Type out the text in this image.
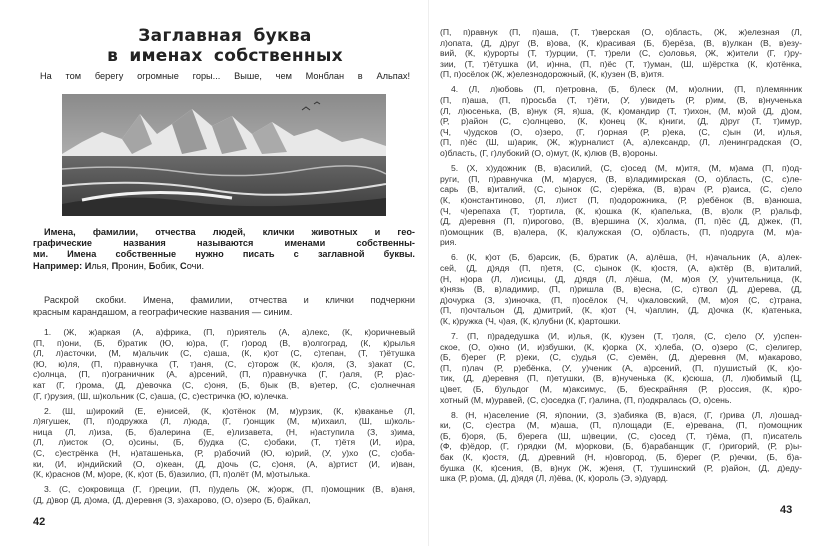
Заглавная буква
в именах собственных
На том берегу огромные горы... Выше, чем Монблан в Альпах!
Имена, фамилии, отчества людей, клички животных и гео-
графические названия называются именами собственны-
ми. Имена собственные нужно писать с заглавной буквы.
Например: Илья, Пронин, Бобик, Сочи.
Раскрой скобки. Имена, фамилии, отчества и клички подчеркни
красным карандашом, а географические названия — синим.
1. (Ж, ж)аркая (А, а)фрика, (П, п)риятель (А, а)лекс, (К, к)оричневый
(П, п)они, (Б, б)ратик (Ю, ю)ра, (Г, г)ород (В, в)олгоград, (К, к)рылья
(Л, л)асточки, (М, м)альчик (С, с)аша, (К, к)от (С, с)тепан, (Т, т)ётушка
(Ю, ю)ля, (П, п)равнучка (Т, т)аня, (С, с)торож (К, к)оля, (З, з)акат (С,
с)олнца, (П, п)ограничник (А, а)рсений, (П, п)равнучка (Г, г)аля, (Р, р)ас-
кат (Г, г)рома, (Д, д)евочка (С, с)оня, (Б, б)ык (В, в)етер, (С, с)олнечная
(Г, г)рузия, (Ш, ш)кольник (С, с)аша, (С, с)естричка (Ю, ю)лечка.
2. (Ш, ш)ирокий (Е, е)нисей, (К, к)отёнок (М, м)урзик, (К, к)ваканье (Л,
л)ягушек, (П, п)одружка (Л, л)юда, (Г, г)онщик (М, м)ихаил, (Ш, ш)коль-
ница (Л, л)иза, (Б, б)алерина (Е, е)лизавета, (Н, н)аступила (З, з)има,
(Л, л)исток (О, о)сины, (Б, б)удка (С, с)обаки, (Т, т)ётя (И, и)ра,
(С, с)естрёнка (Н, н)аташенька, (Р, р)абочий (Ю, ю)рий, (У, у)хо (С, с)оба-
ки, (И, и)ндийский (О, о)кеан, (Д, д)очь (С, с)оня, (А, а)ртист (И, и)ван,
(К, к)раснов (М, м)оре, (К, к)от (Б, б)азилио, (П, п)олёт (М, м)отылька.
3. (С, с)окровища (Г, г)реции, (П, п)удель (Ж, ж)орж, (П, п)омощник (В, в)аня,
(Д, д)вор (Д, д)ома, (Д, д)еревня (З, з)ахарово, (О, о)зеро (Б, б)айкал,
42
(П, п)равнук (П, п)аша, (Т, т)верская (О, о)бласть, (Ж, ж)елезная (Л,
л)опата, (Д, д)руг (В, в)ова, (К, к)расивая (Б, б)ерёза, (В, в)улкан (В, в)езу-
вий, (К, к)урорты (Т, т)урции, (Т, т)рели (С, с)оловья, (Ж, ж)ители (Г, г)ру-
зии, (Т, т)ётушка (И, и)нна, (П, п)ёс (Т, т)уман, (Ш, ш)ёрстка (К, к)отёнка,
(П, п)осёлок (Ж, ж)елезнодорожный, (К, к)узен (В, в)итя.
4. (Л, л)юбовь (П, п)етровна, (Б, б)леск (М, м)олнии, (П, п)лемянник
(П, п)аша, (П, п)росьба (Т, т)ёти, (У, у)видеть (Р, р)им, (В, в)нученька
(Л, л)юсенька, (В, в)нук (Я, я)ша, (К, к)омандир (Т, т)ихон, (М, м)ой (Д, д)ом,
(Р, р)айон (С, с)олнцево, (К, к)онец (К, к)ниги, (Д, д)руг (Т, т)имур,
(Ч, ч)удсков (О, о)зеро, (Г, г)орная (Р, р)ека, (С, с)ын (И, и)лья,
(П, п)ёс (Ш, ш)арик, (Ж, ж)урналист (А, а)лександр, (Л, л)енинградская (О,
о)бласть, (Г, г)лубокий (О, о)мут, (К, к)люв (В, в)ороны.
5. (Х, х)удожник (В, в)асилий, (С, с)осед (М, м)итя, (М, м)ама (П, п)од-
руги, (П, п)равнучка (М, м)аруся, (В, в)ладимирская (О, о)бласть, (С, с)ле-
сарь (В, в)италий, (С, с)ынок (С, с)ерёжа, (В, в)рач (Р, р)аиса, (С, с)ело
(К, к)онстантиново, (Л, л)ист (П, п)одорожника, (Р, р)ебёнок (В, в)анюша,
(Ч, ч)ерепаха (Т, т)ортила, (К, к)ошка (К, к)апелька, (В, в)олк (Р, р)альф,
(Д, д)еревня (П, п)ирогово, (В, в)ершина (Х, х)олма, (П, п)ёс (Д, д)жек, (П,
п)омощник (В, в)алера, (К, к)алужская (О, о)бласть, (П, п)одруга (М, м)а-
рия.
6. (К, к)от (Б, б)арсик, (Б, б)ратик (А, а)лёша, (Н, н)ачальник (А, а)лек-
сей, (Д, д)ядя (П, п)етя, (С, с)ынок (К, к)остя, (А, а)ктёр (В, в)италий,
(Н, н)ора (Л, л)исицы, (Д, д)ядя (Л, л)ёша, (М, м)оя (У, у)чительница, (К,
к)нязь (В, в)ладимир, (П, п)ришла (В, в)есна, (С, с)твол (Д, д)ерева, (Д,
д)очурка (З, з)иночка, (П, п)осёлок (Ч, ч)каловский, (М, м)оя (С, с)трана,
(П, п)очтальон (Д, д)митрий, (К, к)от (Ч, ч)аплин, (Д, д)очка (К, к)атенька,
(К, к)ружка (Ч, ч)ая, (К, к)лубни (К, к)артошки.
7. (П, п)радедушка (И, и)лья, (К, к)узен (Т, т)оля, (С, с)ело (У, у)спен-
ское, (О, о)кно (И, и)збушки, (К, к)орка (Х, х)леба, (О, о)зеро (С, с)елигер,
(Б, б)ерег (Р, р)еки, (С, с)удья (С, с)емён, (Д, д)еревня (М, м)акарово,
(П, п)лач (Р, р)ебёнка, (У, у)ченик (А, а)рсений, (П, п)ушистый (К, к)о-
тик, (Д, д)еревня (П, п)етушки, (В, в)нученька (К, к)сюша, (Л, л)юбимый (Ц,
ц)вет, (Б, б)ульдог (М, м)аксимус, (Б, б)ескрайняя (Р, р)оссия, (К, к)ро-
хотный (М, м)уравей, (С, с)оседка (Г, г)алина, (П, п)одкралась (О, о)сень.
8. (Н, н)аселение (Я, я)понии, (З, з)абияка (В, в)ася, (Г, г)рива (Л, л)ошад-
ки, (С, с)естра (М, м)аша, (П, п)лощади (Е, е)ревана, (П, п)омощник
(Б, б)оря, (Б, б)ерега (Ш, ш)веции, (С, с)осед (Т, т)ёма, (П, п)исатель
(Ф, ф)ёдор, (Г, г)рядки (М, м)оркови, (Б, б)арабанщик (Г, г)ригорий, (Р, р)ы-
бак (К, к)остя, (Д, д)ревний (Н, н)овгород, (Б, б)ерег (Р, р)ечки, (Б, б)а-
бушка (К, к)сения, (В, в)нук (Ж, ж)еня, (Т, т)ушинский (Р, р)айон, (Д, д)еду-
шка (Р, р)ома, (Д, д)ядя (Л, л)ёва, (К, к)ороль (Э, э)дуард.
43
